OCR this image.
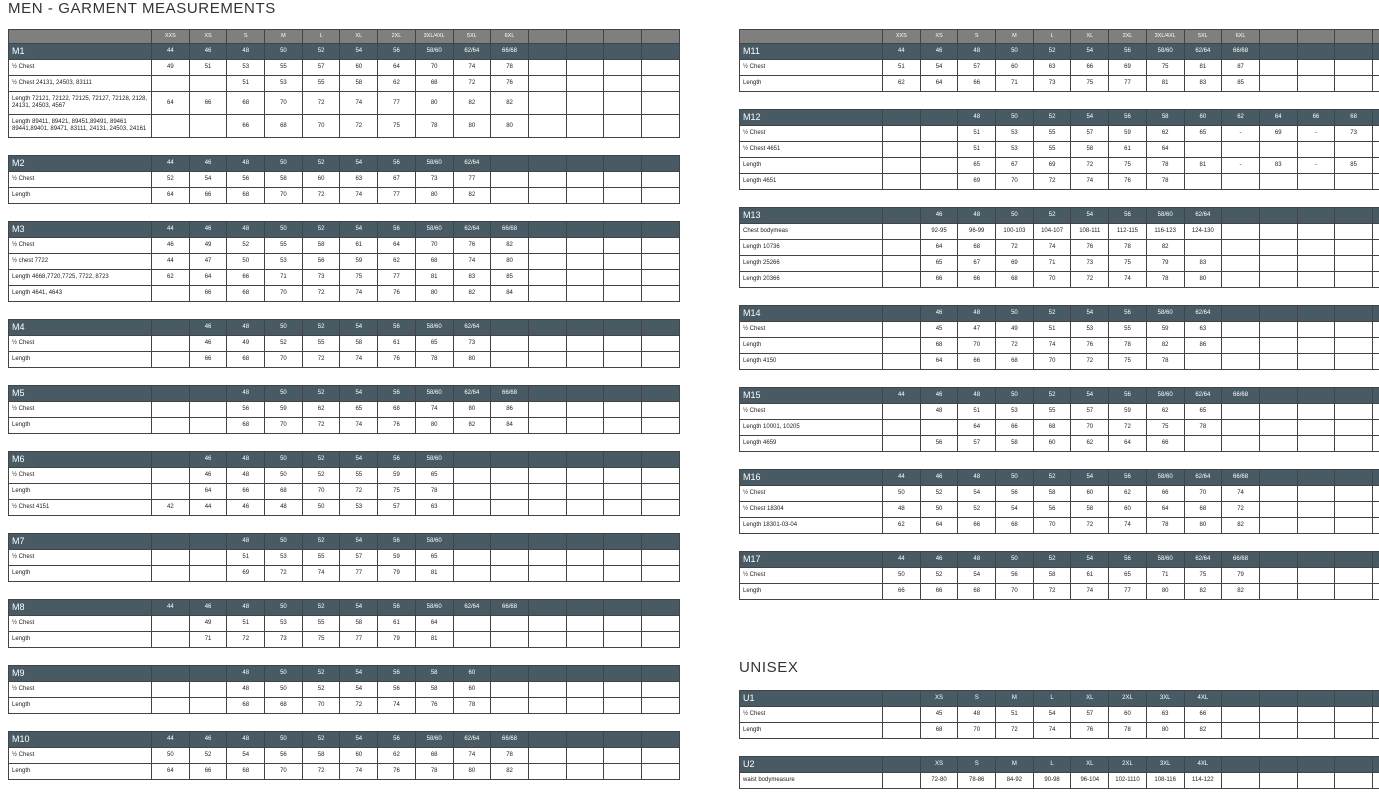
MEN - GARMENT MEASUREMENTS
	XXS	XS	S	M	L	XL	2XL	3XL/4XL	5XL	6XL				
M1	44	46	48	50	52	54	56	58/60	62/64	66/68				
½ Chest	49	51	53	55	57	60	64	70	74	78				
½ Chest 24131, 24503, 83111			51	53	55	58	62	68	72	76				
Length 72121, 72122, 72125, 72127, 72128, 2128, 24131, 24503, 4567	64	66	68	70	72	74	77	80	82	82				
Length 89411, 89421, 89451,89491, 89461 89441,89401, 89471, 83111, 24131, 24503, 24161			66	68	70	72	75	78	80	80				
M2	44	46	48	50	52	54	56	58/60	62/64					
½ Chest	52	54	56	58	60	63	67	73	77					
Length	64	66	68	70	72	74	77	80	82					
M3	44	46	48	50	52	54	56	58/60	62/64	66/68				
½ Chest	46	49	52	55	58	61	64	70	76	82				
½ chest 7722	44	47	50	53	56	59	62	68	74	80				
Length 4668,7720,7725, 7722, 8723	62	64	66	71	73	75	77	81	83	85				
Length 4641, 4643		66	68	70	72	74	76	80	82	84				
M4		46	48	50	52	54	56	58/60	62/64					
½ Chest		46	49	52	55	58	61	65	73					
Length		66	68	70	72	74	76	78	80					
M5			48	50	52	54	56	58/60	62/64	66/68				
½ Chest			56	59	62	65	68	74	80	86				
Length			68	70	72	74	76	80	82	84				
M6		46	48	50	52	54	56	58/60						
½ Chest		46	48	50	52	55	59	65						
Length		64	66	68	70	72	75	78						
½ Chest 4151	42	44	46	48	50	53	57	63						
M7			48	50	52	54	56	58/60						
½ Chest			51	53	55	57	59	65						
Length			69	72	74	77	79	81						
M8	44	46	48	50	52	54	56	58/60	62/64	66/68				
½ Chest		49	51	53	55	58	61	64						
Length		71	72	73	75	77	79	81						
M9			48	50	52	54	56	58	60					
½ Chest			48	50	52	54	56	58	60					
Length			68	68	70	72	74	76	78					
M10	44	46	48	50	52	54	56	58/60	62/64	66/68				
½ Chest	50	52	54	56	58	60	62	68	74	78				
Length	64	66	68	70	72	74	76	78	80	82				
	XXS	XS	S	M	L	XL	2XL	3XL/4XL	5XL	6XL				
M11	44	46	48	50	52	54	56	58/60	62/64	66/68				
½ Chest	51	54	57	60	63	66	69	75	81	87				
Length	62	64	66	71	73	75	77	81	83	85				
M12			48	50	52	54	56	58	60	62	64	66	68	
½ Chest			51	53	55	57	59	62	65	-	69	-	73	
½ Chest 4651			51	53	55	58	61	64						
Length			65	67	69	72	75	78	81	-	83	-	85	
Length 4651			69	70	72	74	76	78						
M13		46	48	50	52	54	56	58/60	62/64					
Chest bodymeas		92-95	96-99	100-103	104-107	108-111	112-115	116-123	124-130					
Length 10736		64	68	72	74	76	78	82						
Length 25266		65	67	69	71	73	75	79	83					
Length 20366		66	66	68	70	72	74	78	80					
M14		46	48	50	52	54	56	58/60	62/64					
½ Chest		45	47	49	51	53	55	59	63					
Length		68	70	72	74	76	78	82	86					
Length 4150		64	66	68	70	72	75	78						
M15	44	46	48	50	52	54	56	58/60	62/64	66/68				
½ Chest		48	51	53	55	57	59	62	65					
Length 10001, 10205			64	66	68	70	72	75	78					
Length 4659		56	57	58	60	62	64	66						
M16	44	46	48	50	52	54	56	58/60	62/64	66/68				
½ Chest	50	52	54	56	58	60	62	66	70	74				
½ Chest 18304	48	50	52	54	56	58	60	64	68	72				
Length 18301-03-04	62	64	66	68	70	72	74	78	80	82				
M17	44	46	48	50	52	54	56	58/60	62/64	66/68				
½ Chest	50	52	54	56	58	61	65	71	75	79				
Length	66	66	68	70	72	74	77	80	82	82				
UNISEX
U1		XS	S	M	L	XL	2XL	3XL	4XL					
½ Chest		45	48	51	54	57	60	63	66					
Length		68	70	72	74	76	78	80	82					
U2		XS	S	M	L	XL	2XL	3XL	4XL					
waist bodymeasure		72-80	78-86	84-92	90-98	96-104	102-1110	108-116	114-122					
